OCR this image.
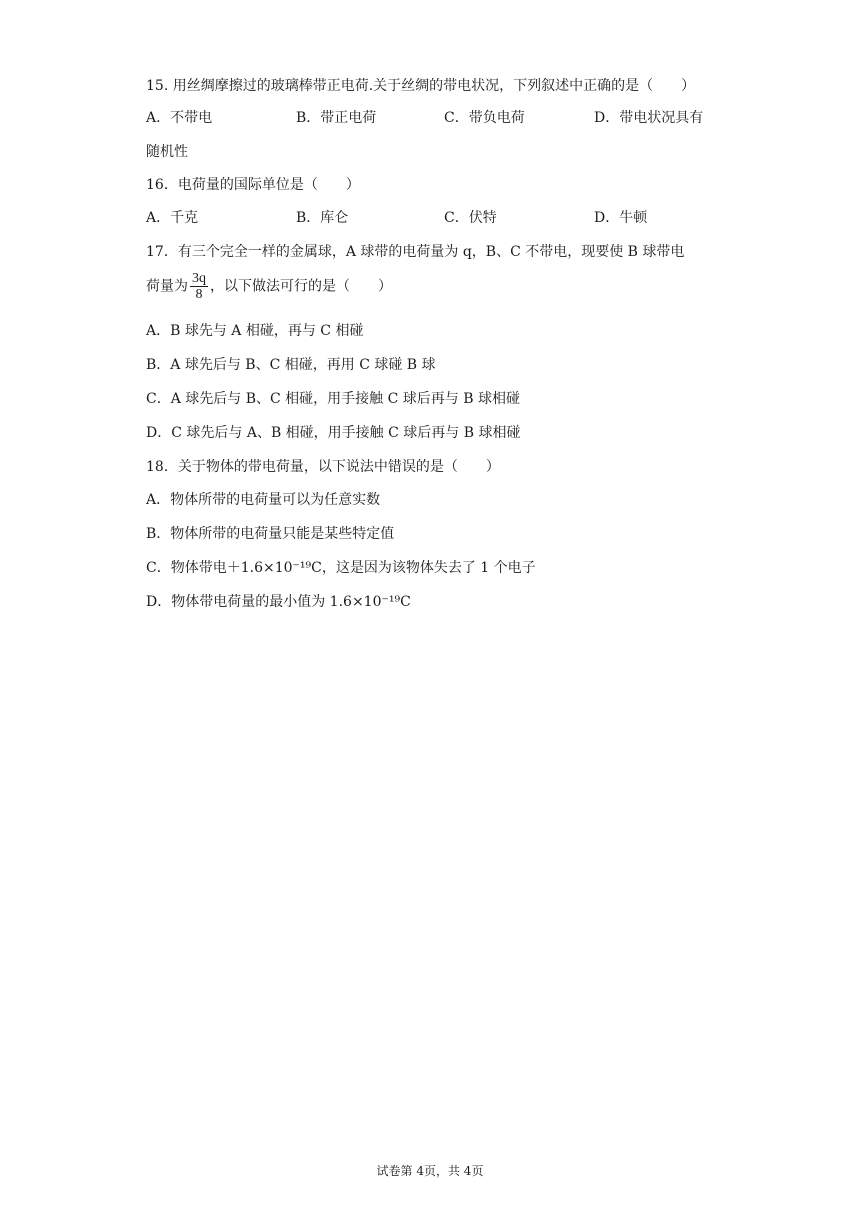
15. 用丝绸摩擦过的玻璃棒带正电荷.关于丝绸的带电状况，下列叙述中正确的是（　　）
A．不带电	B．带正电荷	C．带负电荷	D．带电状况具有
随机性
16．电荷量的国际单位是（　　）
A．千克	B．库仑	C．伏特	D．牛顿
17．有三个完全一样的金属球，A 球带的电荷量为 q，B、C 不带电，现要使 B 球带电
荷量为 $\frac{3q}{8}$ ，以下做法可行的是（　　）
A．B 球先与 A 相碰，再与 C 相碰
B．A 球先后与 B、C 相碰，再用 C 球碰 B 球
C．A 球先后与 B、C 相碰，用手接触 C 球后再与 B 球相碰
D．C 球先后与 A、B 相碰，用手接触 C 球后再与 B 球相碰
18．关于物体的带电荷量，以下说法中错误的是（　　）
A．物体所带的电荷量可以为任意实数
B．物体所带的电荷量只能是某些特定值
C．物体带电＋1.6×10⁻¹⁹C，这是因为该物体失去了 1 个电子
D．物体带电荷量的最小值为 1.6×10⁻¹⁹C
试卷第 4页，共 4页
